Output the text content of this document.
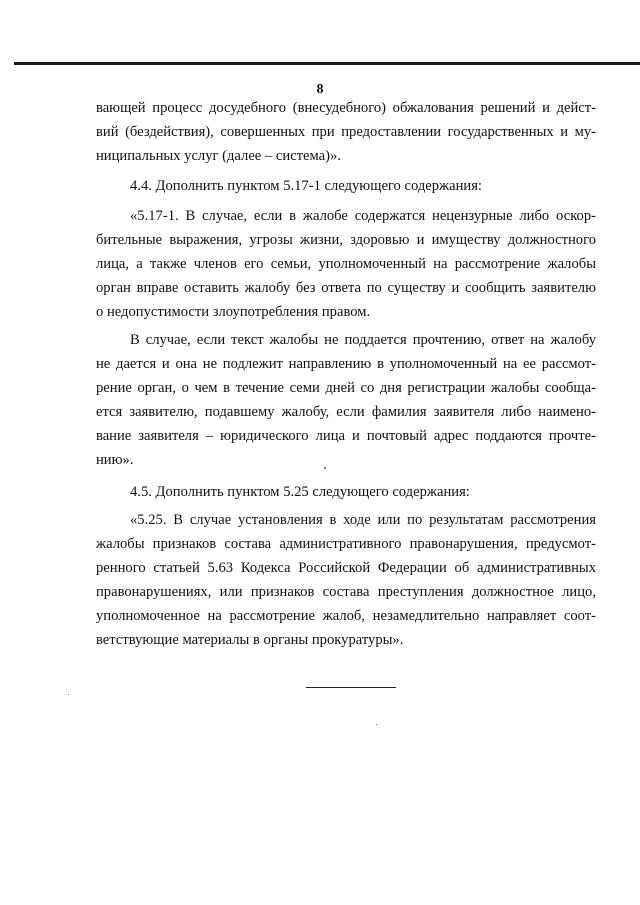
8
вающей процесс досудебного (внесудебного) обжалования решений и дейст-
вий (бездействия), совершенных при предоставлении государственных и му-
ниципальных услуг (далее – система)».
4.4. Дополнить пунктом 5.17-1 следующего содержания:
«5.17-1. В случае, если в жалобе содержатся нецензурные либо оскор-
бительные выражения, угрозы жизни, здоровью и имуществу должностного
лица, а также членов его семьи, уполномоченный на рассмотрение жалобы
орган вправе оставить жалобу без ответа по существу и сообщить заявителю
о недопустимости злоупотребления правом.
В случае, если текст жалобы не поддается прочтению, ответ на жалобу
не дается и она не подлежит направлению в уполномоченный на ее рассмот-
рение орган, о чем в течение семи дней со дня регистрации жалобы сообща-
ется заявителю, подавшему жалобу, если фамилия заявителя либо наимено-
вание заявителя – юридического лица и почтовый адрес поддаются прочте-
нию».
4.5. Дополнить пунктом 5.25 следующего содержания:
«5.25. В случае установления в ходе или по результатам рассмотрения
жалобы признаков состава административного правонарушения, предусмот-
ренного статьей 5.63 Кодекса Российской Федерации об административных
правонарушениях, или признаков состава преступления должностное лицо,
уполномоченное на рассмотрение жалоб, незамедлительно направляет соот-
ветствующие материалы в органы прокуратуры».
